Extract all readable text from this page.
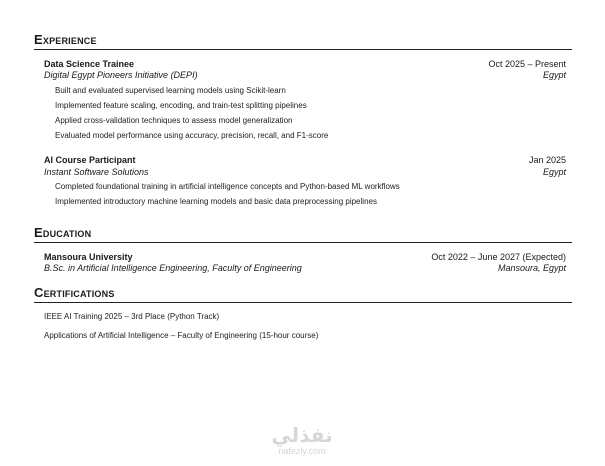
Experience
Data Science Trainee	Oct 2025 – Present
Digital Egypt Pioneers Initiative (DEPI)	Egypt
Built and evaluated supervised learning models using Scikit-learn
Implemented feature scaling, encoding, and train-test splitting pipelines
Applied cross-validation techniques to assess model generalization
Evaluated model performance using accuracy, precision, recall, and F1-score
AI Course Participant	Jan 2025
Instant Software Solutions	Egypt
Completed foundational training in artificial intelligence concepts and Python-based ML workflows
Implemented introductory machine learning models and basic data preprocessing pipelines
Education
Mansoura University	Oct 2022 – June 2027 (Expected)
B.Sc. in Artificial Intelligence Engineering, Faculty of Engineering	Mansoura, Egypt
Certifications
IEEE AI Training 2025 – 3rd Place (Python Track)
Applications of Artificial Intelligence – Faculty of Engineering (15-hour course)
نفذلي
nafezly.com
